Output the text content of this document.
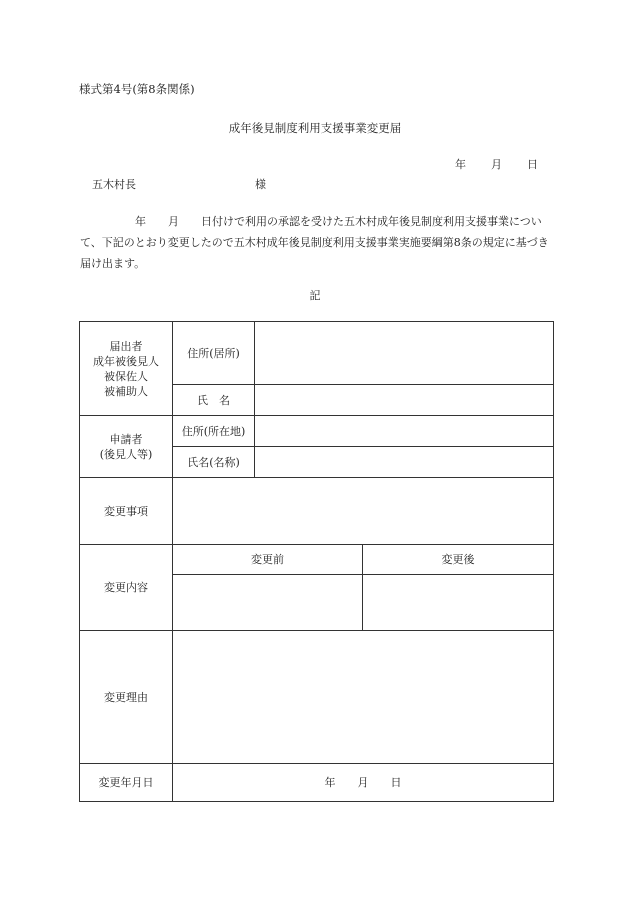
様式第4号(第8条関係)
成年後見制度利用支援事業変更届
年 月 日
五木村長	様
　　　　　年　　月　　日付けで利用の承認を受けた五木村成年後見制度利用支援事業について、下記のとおり変更したので五木村成年後見制度利用支援事業実施要綱第8条の規定に基づき届け出ます。
記
届出者
成年被後見人
被保佐人
被補助人	住所(居所)		
	氏　名		

申請者
(後見人等)	住所(所在地)		
	氏名(名称)		
変更事項			
変更内容	変更前		変更後

変更理由			
変更年月日	年　　月　　日		
